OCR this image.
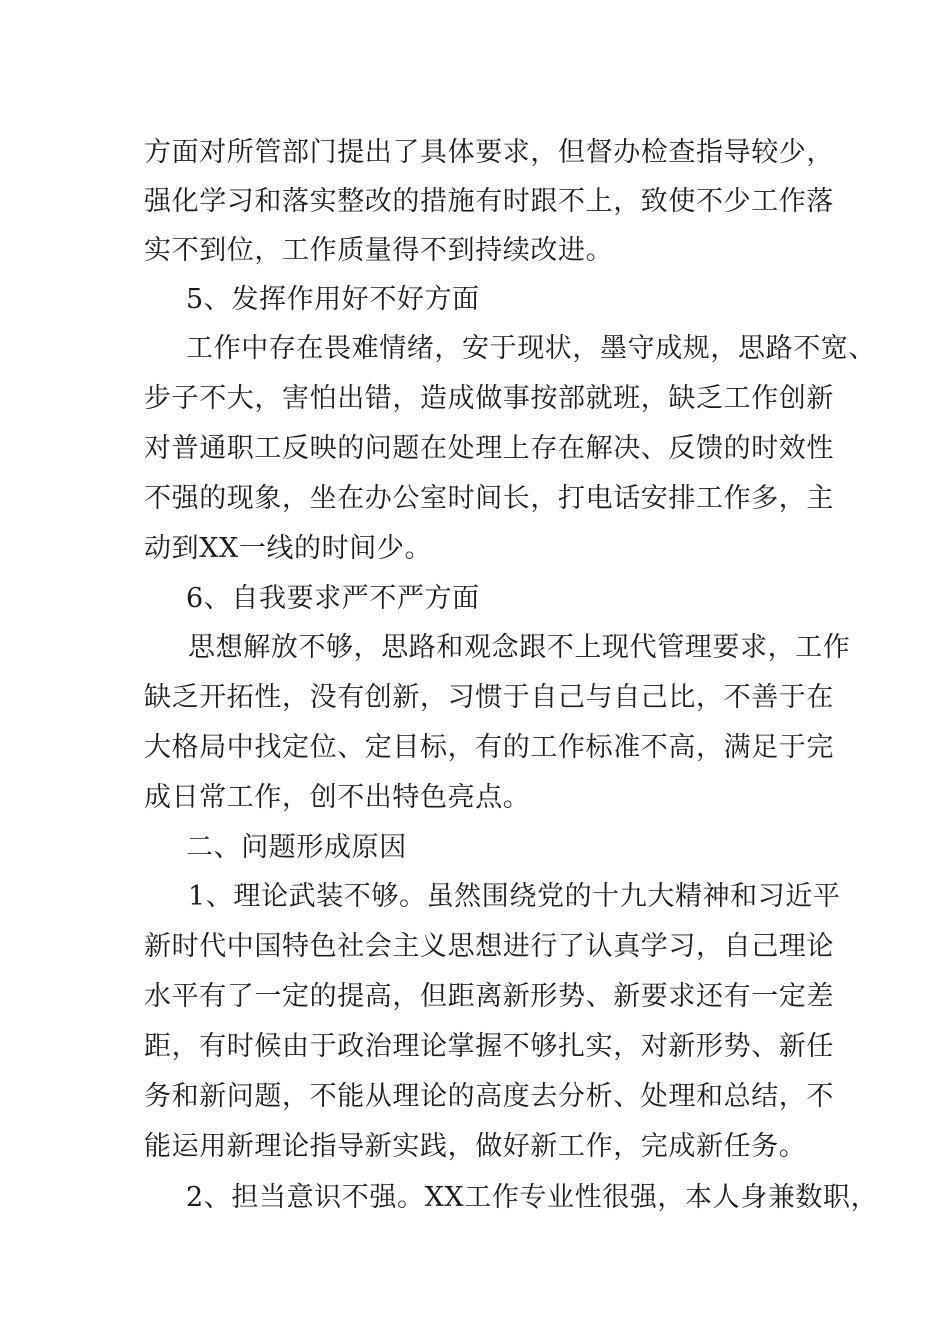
方面对所管部门提出了具体要求，但督办检查指导较少，
强化学习和落实整改的措施有时跟不上，致使不少工作落
实不到位，工作质量得不到持续改进。
5、发挥作用好不好方面
工作中存在畏难情绪，安于现状，墨守成规，思路不宽、
步子不大，害怕出错，造成做事按部就班，缺乏工作创新
对普通职工反映的问题在处理上存在解决、反馈的时效性
不强的现象，坐在办公室时间长，打电话安排工作多，主
动到XX一线的时间少。
6、自我要求严不严方面
思想解放不够，思路和观念跟不上现代管理要求，工作
缺乏开拓性，没有创新，习惯于自己与自己比，不善于在
大格局中找定位、定目标，有的工作标准不高，满足于完
成日常工作，创不出特色亮点。
二、问题形成原因
1、理论武装不够。虽然围绕党的十九大精神和习近平
新时代中国特色社会主义思想进行了认真学习，自己理论
水平有了一定的提高，但距离新形势、新要求还有一定差
距，有时候由于政治理论掌握不够扎实，对新形势、新任
务和新问题，不能从理论的高度去分析、处理和总结，不
能运用新理论指导新实践，做好新工作，完成新任务。
2、担当意识不强。XX工作专业性很强，本人身兼数职，
